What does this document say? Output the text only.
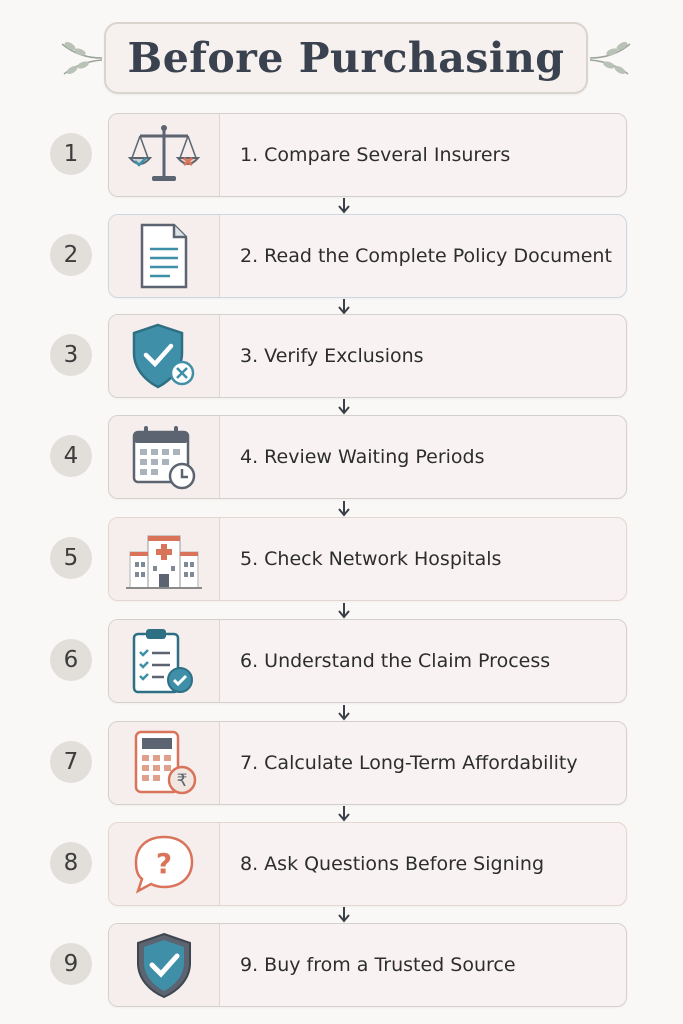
Before Purchasing
1	1. Compare Several Insurers
2	2. Read the Complete Policy Document
3	3. Verify Exclusions
4	4. Review Waiting Periods
5	5. Check Network Hospitals
6	6. Understand the Claim Process
7
₹
7. Calculate Long-Term Affordability
8	?	8. Ask Questions Before Signing
9	9. Buy from a Trusted Source
